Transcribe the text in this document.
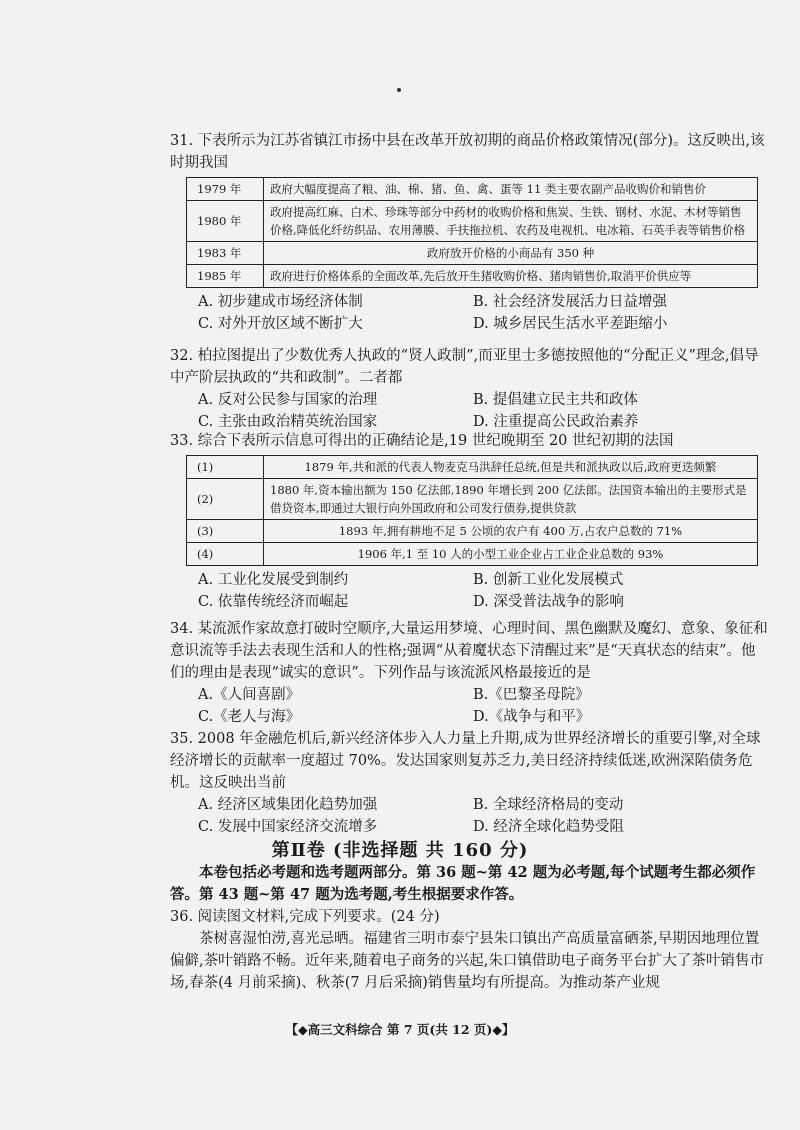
31. 下表所示为江苏省镇江市扬中县在改革开放初期的商品价格政策情况(部分)。这反映出,该时期我国
1979 年	政府大幅度提高了粮、油、棉、猪、鱼、禽、蛋等 11 类主要农副产品收购价和销售价
1980 年	政府提高红麻、白术、珍珠等部分中药材的收购价格和焦炭、生铁、钢材、水泥、木材等销售价格,降低化纤纺织品、农用薄膜、手扶拖拉机、农药及电视机、电冰箱、石英手表等销售价格
1983 年	政府放开价格的小商品有 350 种
1985 年	政府进行价格体系的全面改革,先后放开生猪收购价格、猪肉销售价,取消平价供应等
A. 初步建成市场经济体制	B. 社会经济发展活力日益增强
C. 对外开放区域不断扩大	D. 城乡居民生活水平差距缩小
32. 柏拉图提出了少数优秀人执政的“贤人政制”,而亚里士多德按照他的“分配正义”理念,倡导中产阶层执政的“共和政制”。二者都
A. 反对公民参与国家的治理	B. 提倡建立民主共和政体
C. 主张由政治精英统治国家	D. 注重提高公民政治素养
33. 综合下表所示信息可得出的正确结论是,19 世纪晚期至 20 世纪初期的法国
(1)	1879 年,共和派的代表人物麦克马洪辞任总统,但是共和派执政以后,政府更迭频繁
(2)	1880 年,资本输出额为 150 亿法郎,1890 年增长到 200 亿法郎。法国资本输出的主要形式是借贷资本,即通过大银行向外国政府和公司发行债券,提供贷款
(3)	1893 年,拥有耕地不足 5 公顷的农户有 400 万,占农户总数的 71%
(4)	1906 年,1 至 10 人的小型工业企业占工业企业总数的 93%
A. 工业化发展受到制约	B. 创新工业化发展模式
C. 依靠传统经济而崛起	D. 深受普法战争的影响
34. 某流派作家故意打破时空顺序,大量运用梦境、心理时间、黑色幽默及魔幻、意象、象征和意识流等手法去表现生活和人的性格;强调“从着魔状态下清醒过来”是“天真状态的结束”。他们的理由是表现“诚实的意识”。下列作品与该流派风格最接近的是
A.《人间喜剧》	B.《巴黎圣母院》
C.《老人与海》	D.《战争与和平》
35. 2008 年金融危机后,新兴经济体步入人力量上升期,成为世界经济增长的重要引擎,对全球经济增长的贡献率一度超过 70%。发达国家则复苏乏力,美日经济持续低迷,欧洲深陷债务危机。这反映出当前
A. 经济区域集团化趋势加强	B. 全球经济格局的变动
C. 发展中国家经济交流增多	D. 经济全球化趋势受阻
第Ⅱ卷 (非选择题 共 160 分)
本卷包括必考题和选考题两部分。第 36 题~第 42 题为必考题,每个试题考生都必须作答。第 43 题~第 47 题为选考题,考生根据要求作答。
36. 阅读图文材料,完成下列要求。(24 分)
茶树喜湿怕涝,喜光忌晒。福建省三明市泰宁县朱口镇出产高质量富硒茶,早期因地理位置偏僻,茶叶销路不畅。近年来,随着电子商务的兴起,朱口镇借助电子商务平台扩大了茶叶销售市场,春茶(4 月前采摘)、秋茶(7 月后采摘)销售量均有所提高。为推动茶产业规
【◆高三文科综合 第 7 页(共 12 页)◆】
